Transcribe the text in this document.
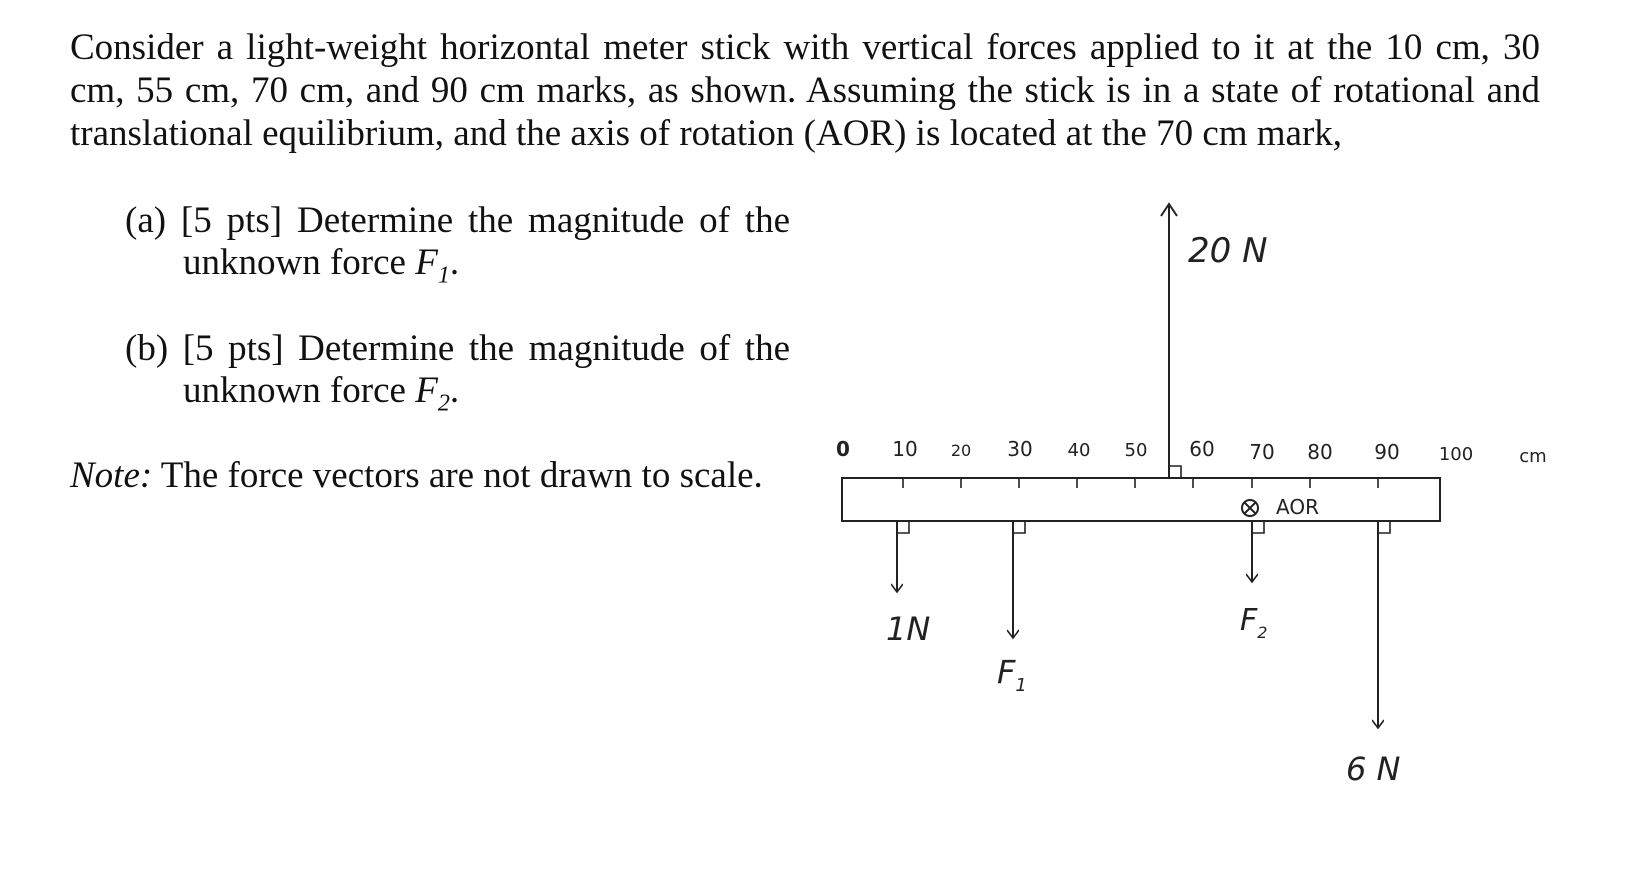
Consider a light-weight horizontal meter stick with vertical forces applied to it at the 10 cm, 30 cm, 55 cm, 70 cm, and 90 cm marks, as shown. Assuming the stick is in a state of rotational and translational equilibrium, and the axis of rotation (AOR) is located at the 70 cm mark,
(a) [5 pts] Determine the magnitude of the
unknown force $F_1$.
(b) [5 pts] Determine the magnitude of the
unknown force $F_2$.
Note: The force vectors are not drawn to scale.
0 10 20 30 40 50 60 70 80 90 100	cm
20 N
1N
$F_1$
AOR
$F_2$
6 N
